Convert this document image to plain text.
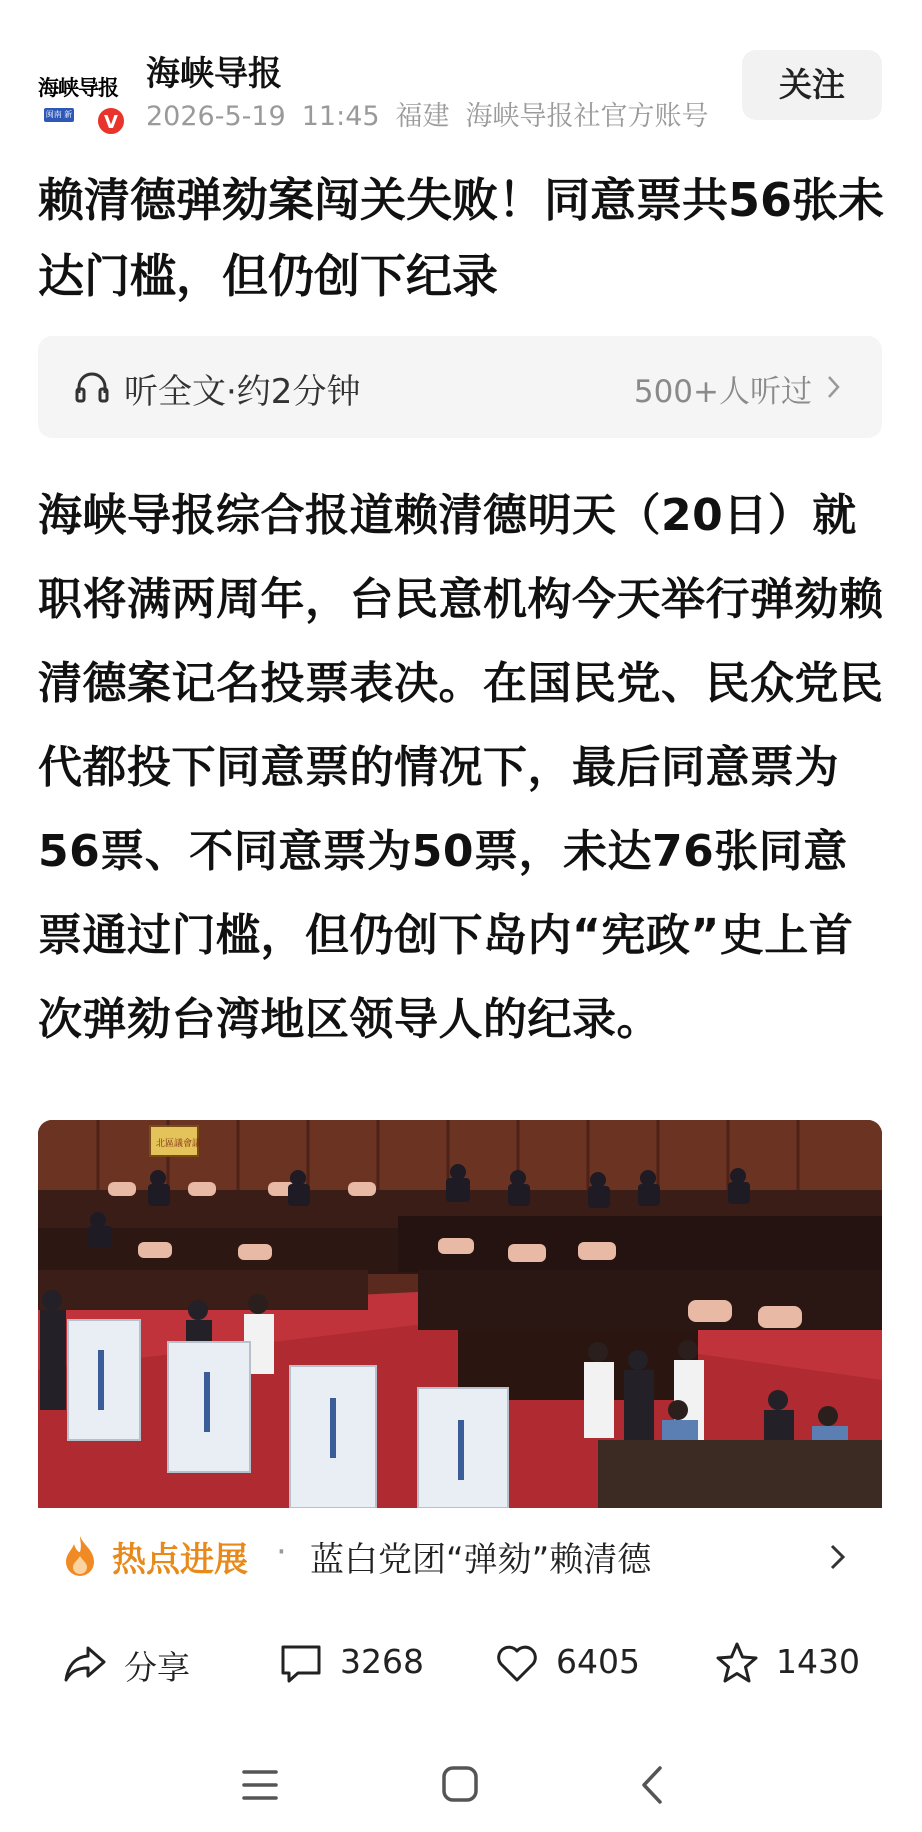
海峡导报
闽南 新闻	V
海峡导报
2026-5-19 11:45 福建 海峡导报社官方账号
关注
赖清德弹劾案闯关失败！同意票共56张未达门槛，但仍创下纪录
听全文·约2分钟	500+人听过

海峡导报综合报道赖清德明天（20日）就职将满两周年，台民意机构今天举行弹劾赖清德案记名投票表决。在国民党、民众党民代都投下同意票的情况下，最后同意票为56票、不同意票为50票，未达76张同意票通过门槛，但仍创下岛内“宪政”史上首次弹劾台湾地区领导人的纪录。

北區議會議
热点进展 · 蓝白党团“弹劾”赖清德
分享	3268	6405	1430
